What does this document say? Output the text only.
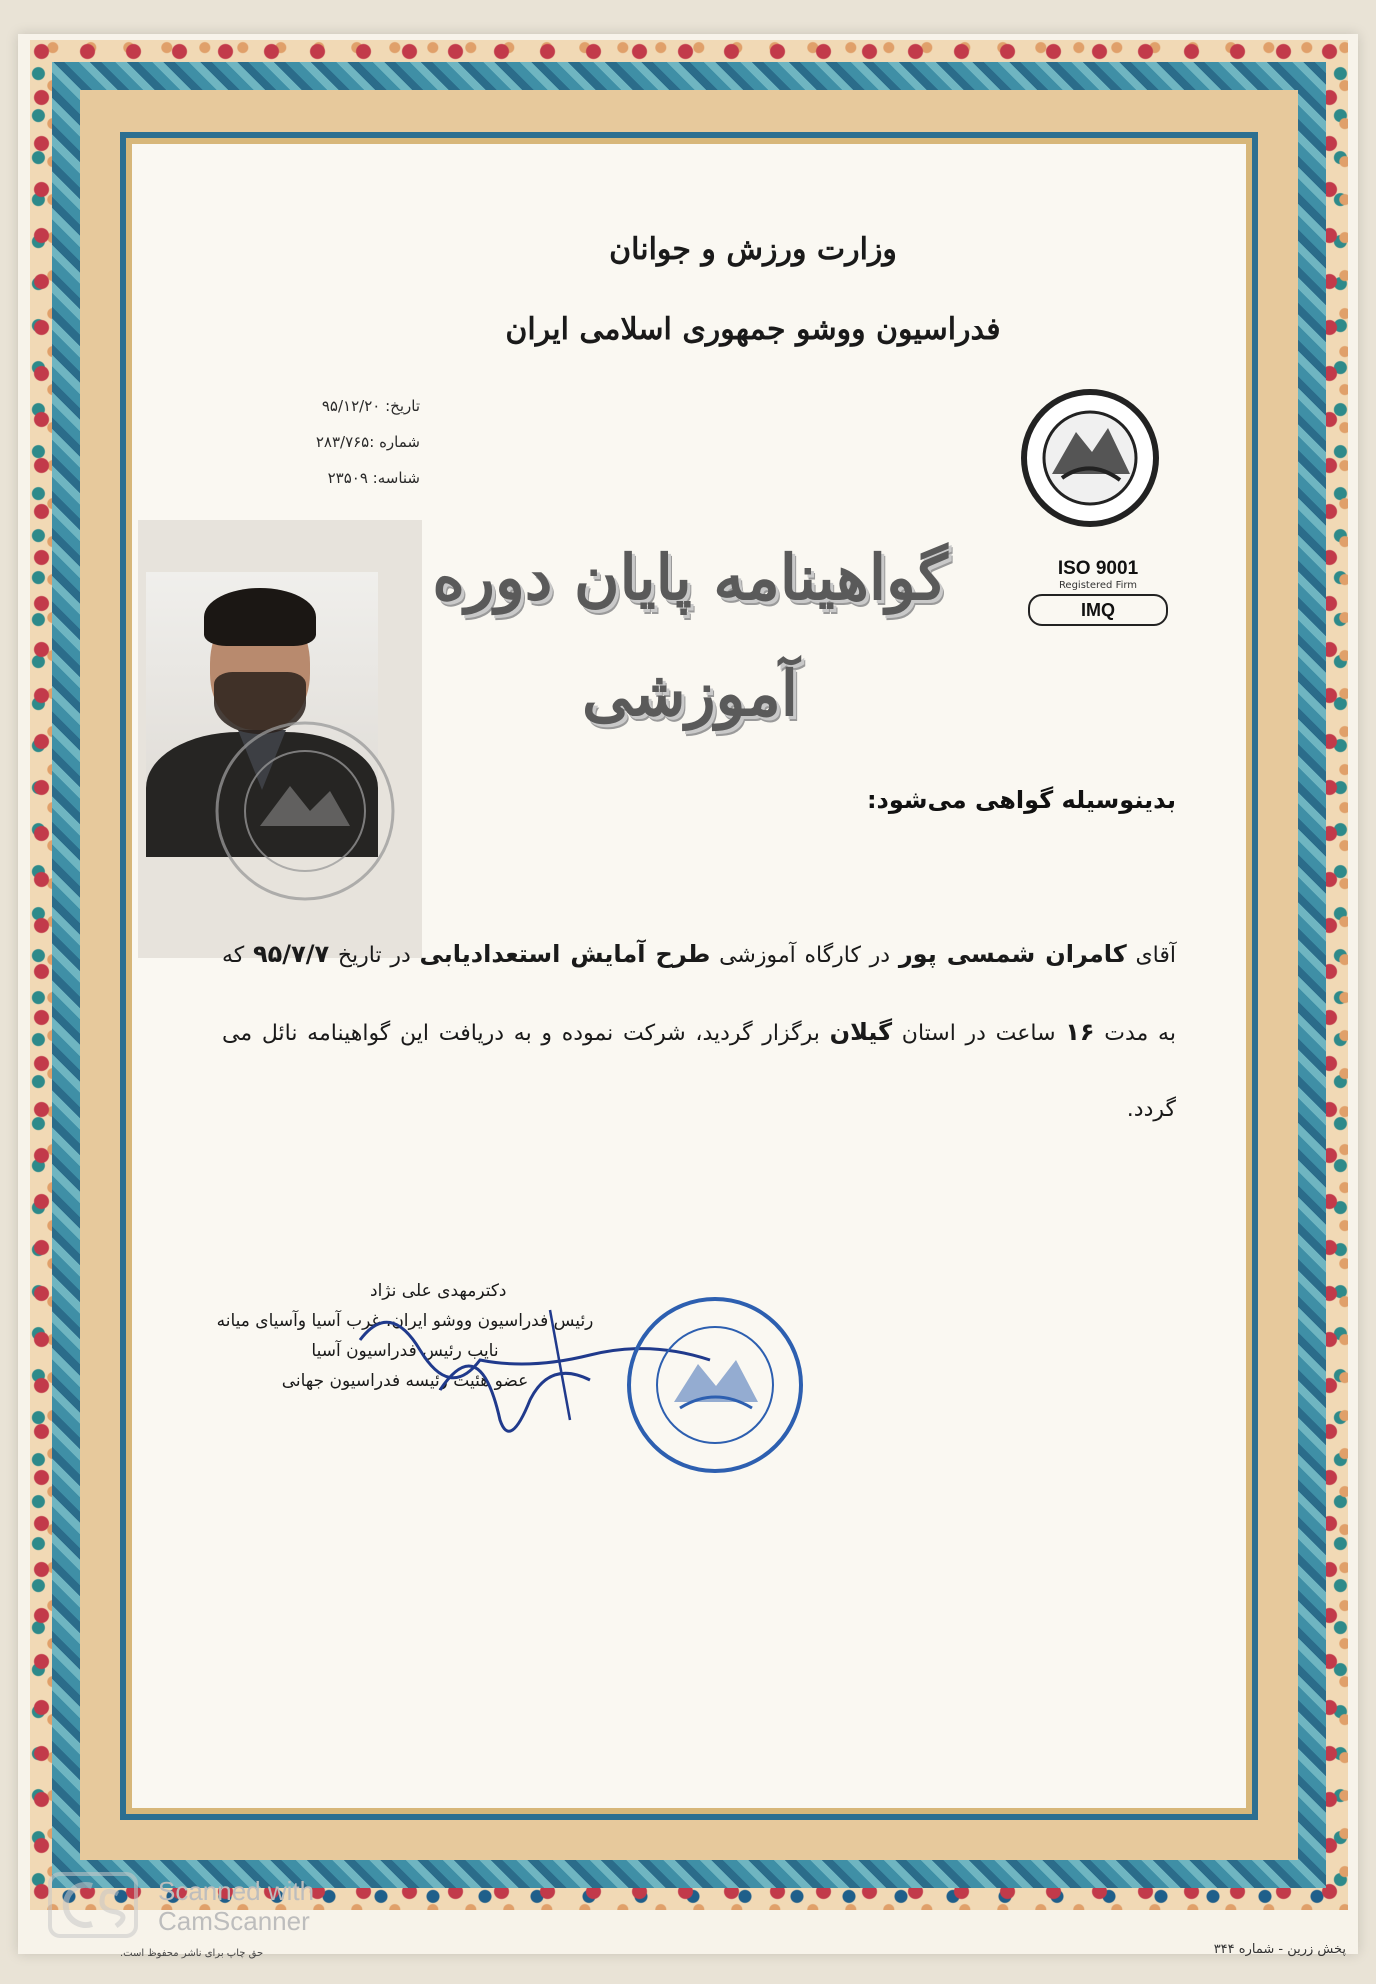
وزارت ورزش و جوانان
فدراسیون ووشو جمهوری اسلامی ایران
تاریخ: ۹۵/۱۲/۲۰
شماره :۲۸۳/۷۶۵
شناسه: ۲۳۵۰۹
گواهینامه پایان دوره آموزشی
ISO 9001
Registered Firm
IMQ
بدینوسیله گواهی می‌شود:
آقای کامران شمسی پور در کارگاه آموزشی طرح آمایش استعدادیابی در تاریخ ۹۵/۷/۷ که به مدت ۱۶ ساعت در استان گیلان برگزار گردید، شرکت نموده و به دریافت این گواهینامه نائل می گردد.
دکترمهدی علی نژاد
رئیس فدراسیون ووشو ایران، غرب آسیا وآسیای میانه
نایب رئیس فدراسیون آسیا
عضو هئیت رئیسه فدراسیون جهانی
Scanned with
CamScanner
پخش زرین - شماره ۳۴۴
حق چاپ برای ناشر محفوظ است.
